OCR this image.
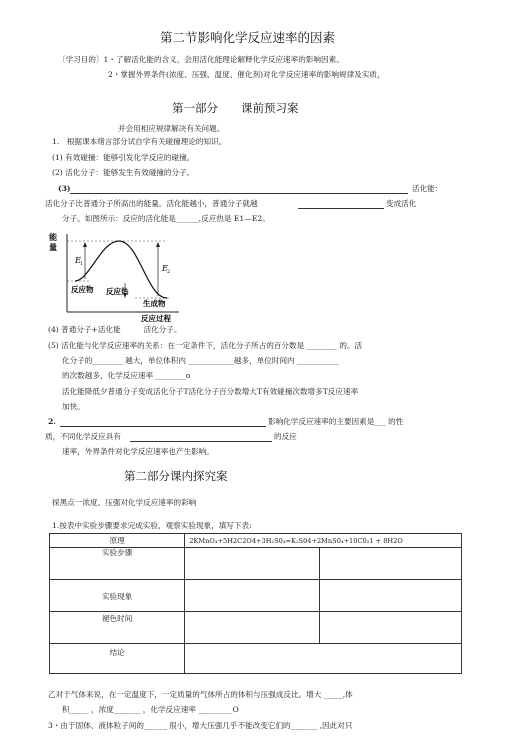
第二节影响化学反应速率的因素
〔学习目的〕1・了解活化能的含义，会用活化能理论解释化学反应速率的影响因素。
2・掌握外界条件(浓度、压强、温度、催化剂)对化学反应速率的影响规律及实质，
第一部分　　课前预习案
并会用相应规律解决有关问题。
1.　根据课本绪言部分试自学有关碰撞理论的知识。
(1) 有效碰撞：能够引发化学反应的碰撞。
(2) 活化分子：能够发生有效碰撞的分子。
(3)	活化能：
活化分子比普通分子所高出的能量。活化能越小，普通分子就越	变成活化
分子。如图所示：反应的活化能是______,反应热是 E1—E2。
能
量
E 1	E 2
反应物 反应热
生成物
反应过程
(4) 普通分子+活化能　　　活化分子。
(5) 活化能与化学反应速率的关系：在一定条件下，活化分子所占的百分数是 ________ 的。活
化分子的________ 越大，单位体积内 ____________越多，单位时间内 ___________
的次数越多，化学反应速率 ________o
活化能降低夕普通分子变成活化分子T活化分子百分数增大T有效碰撞次数增多T反应速率
加快。
2.	影响化学反应速率的主要因素是___ 的性
质，不同化学反应具有	的反应
速率，外界条件对化学反应速率也产生影响。
第二部分课内探究案
採黑点一浓度、压强对化学反应速率的彩响
1.按表中实验步骤要求完成实验，观察实验现象，填写下表:
原理	2KMnO₄+5H2C2O4+3H₂S0₄=K₂S04+2MnS0₄+10C0₂1 + 8H2O	
实验步骤		
实验现象		
褪色时间		
结论		
乙对于气体来说，在一定温度下，一定质量的气体所占的体积与压强成反比。增大 _____,体
积_____ ，浓度_______ ，化学反应速率 _________O
3・由于固体、液体粒子间的______ 很小，增大压强几乎不能改变它们的_______ ,因此对只
